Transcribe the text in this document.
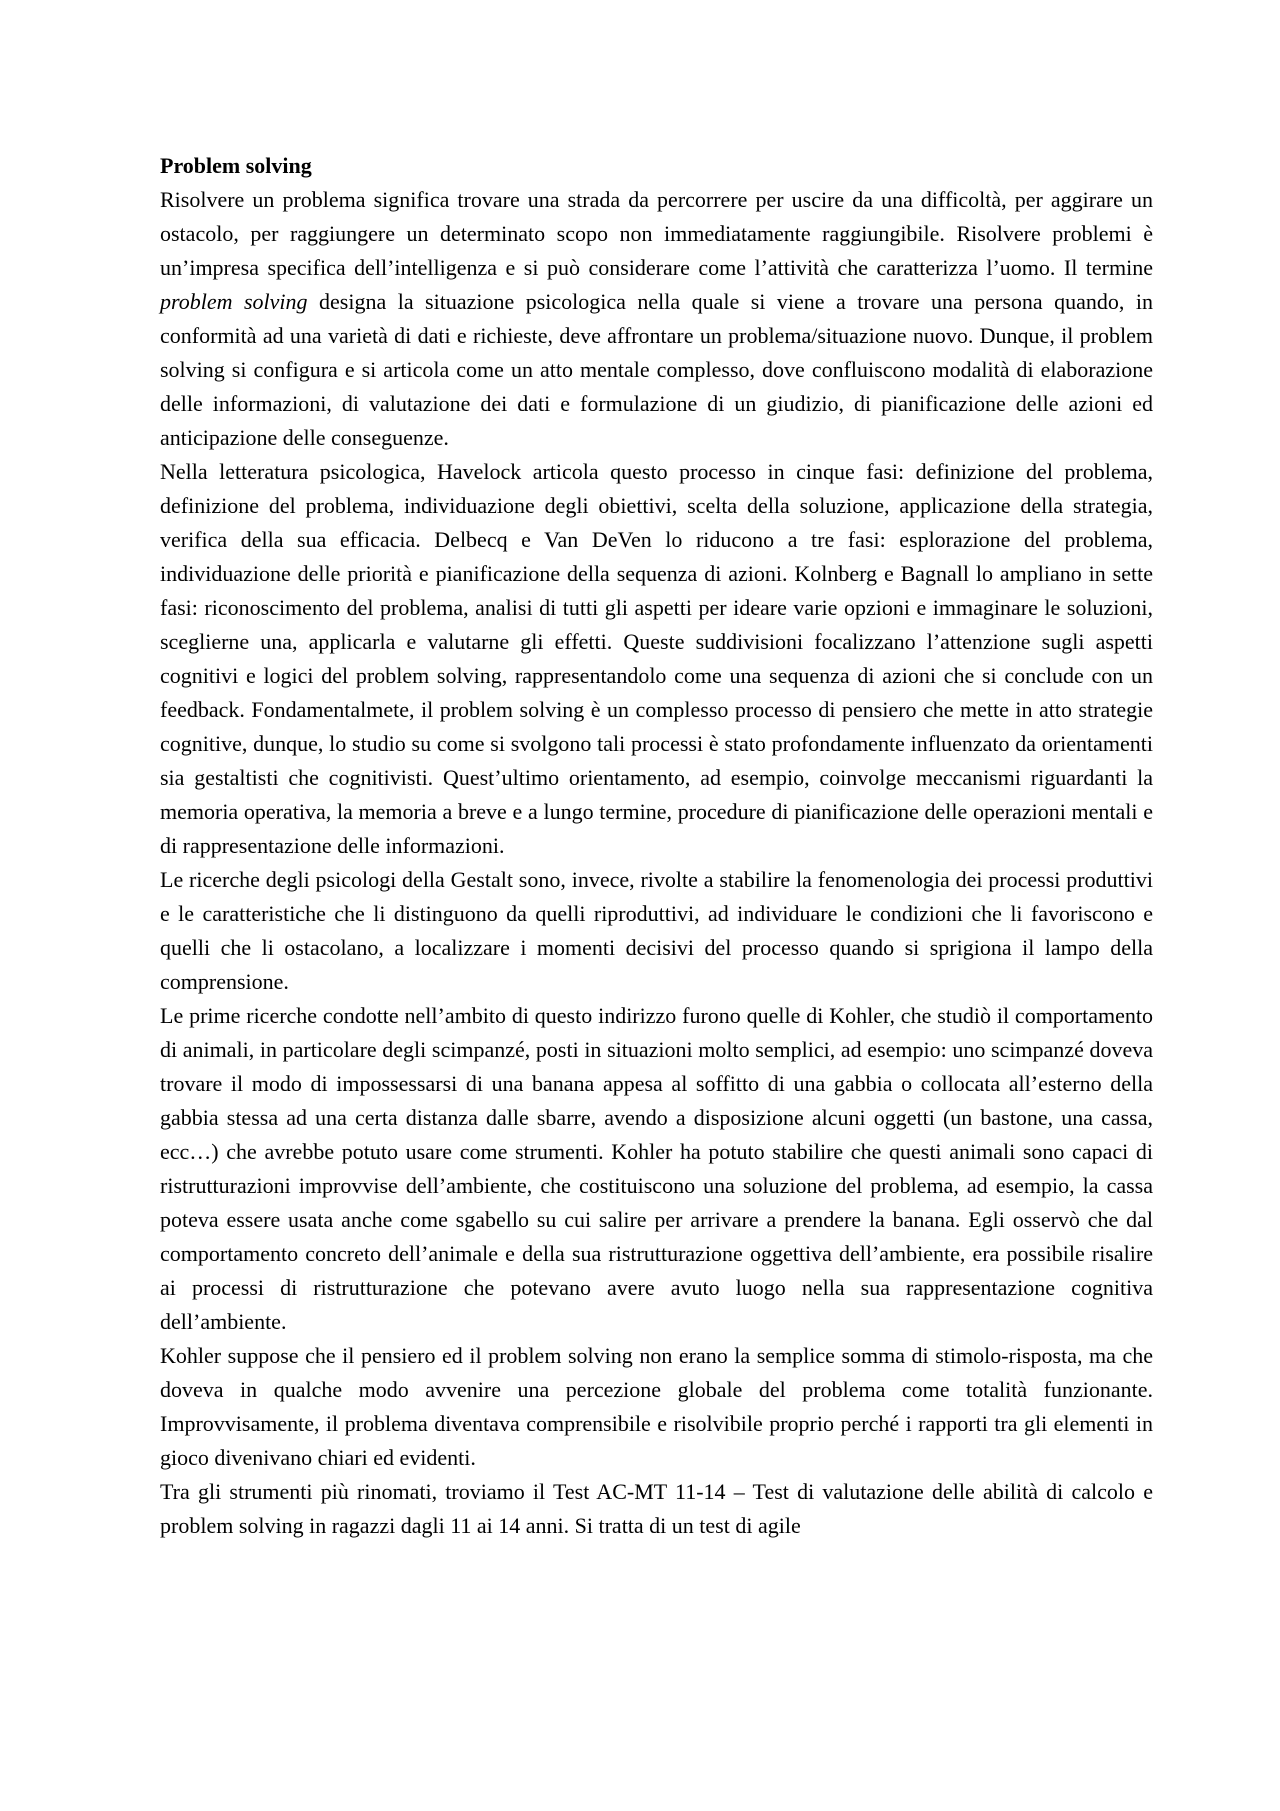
Problem solving

Risolvere un problema significa trovare una strada da percorrere per uscire da una difficoltà, per aggirare un ostacolo, per raggiungere un determinato scopo non immediatamente raggiungibile. Risolvere problemi è un’impresa specifica dell’intelligenza e si può considerare come l’attività che caratterizza l’uomo. Il termine problem solving designa la situazione psicologica nella quale si viene a trovare una persona quando, in conformità ad una varietà di dati e richieste, deve affrontare un problema/situazione nuovo. Dunque, il problem solving si configura e si articola come un atto mentale complesso, dove confluiscono modalità di elaborazione delle informazioni, di valutazione dei dati e formulazione di un giudizio, di pianificazione delle azioni ed anticipazione delle conseguenze.

Nella letteratura psicologica, Havelock articola questo processo in cinque fasi: definizione del problema, definizione del problema, individuazione degli obiettivi, scelta della soluzione, applicazione della strategia, verifica della sua efficacia. Delbecq e Van DeVen lo riducono a tre fasi: esplorazione del problema, individuazione delle priorità e pianificazione della sequenza di azioni. Kolnberg e Bagnall lo ampliano in sette fasi: riconoscimento del problema, analisi di tutti gli aspetti per ideare varie opzioni e immaginare le soluzioni, sceglierne una, applicarla e valutarne gli effetti. Queste suddivisioni focalizzano l’attenzione sugli aspetti cognitivi e logici del problem solving, rappresentandolo come una sequenza di azioni che si conclude con un feedback. Fondamentalmete, il problem solving è un complesso processo di pensiero che mette in atto strategie cognitive, dunque, lo studio su come si svolgono tali processi è stato profondamente influenzato da orientamenti sia gestaltisti che cognitivisti. Quest’ultimo orientamento, ad esempio, coinvolge meccanismi riguardanti la memoria operativa, la memoria a breve e a lungo termine, procedure di pianificazione delle operazioni mentali e di rappresentazione delle informazioni.

Le ricerche degli psicologi della Gestalt sono, invece, rivolte a stabilire la fenomenologia dei processi produttivi e le caratteristiche che li distinguono da quelli riproduttivi, ad individuare le condizioni che li favoriscono e quelli che li ostacolano, a localizzare i momenti decisivi del processo quando si sprigiona il lampo della comprensione.

Le prime ricerche condotte nell’ambito di questo indirizzo furono quelle di Kohler, che studiò il comportamento di animali, in particolare degli scimpanzé, posti in situazioni molto semplici, ad esempio: uno scimpanzé doveva trovare il modo di impossessarsi di una banana appesa al soffitto di una gabbia o collocata all’esterno della gabbia stessa ad una certa distanza dalle sbarre, avendo a disposizione alcuni oggetti (un bastone, una cassa, ecc…) che avrebbe potuto usare come strumenti. Kohler ha potuto stabilire che questi animali sono capaci di ristrutturazioni improvvise dell’ambiente, che costituiscono una soluzione del problema, ad esempio, la cassa poteva essere usata anche come sgabello su cui salire per arrivare a prendere la banana. Egli osservò che dal comportamento concreto dell’animale e della sua ristrutturazione oggettiva dell’ambiente, era possibile risalire ai processi di ristrutturazione che potevano avere avuto luogo nella sua rappresentazione cognitiva dell’ambiente.

Kohler suppose che il pensiero ed il problem solving non erano la semplice somma di stimolo-risposta, ma che doveva in qualche modo avvenire una percezione globale del problema come totalità funzionante. Improvvisamente, il problema diventava comprensibile e risolvibile proprio perché i rapporti tra gli elementi in gioco divenivano chiari ed evidenti.

Tra gli strumenti più rinomati, troviamo il Test AC-MT 11-14 – Test di valutazione delle abilità di calcolo e problem solving in ragazzi dagli 11 ai 14 anni. Si tratta di un test di agile
